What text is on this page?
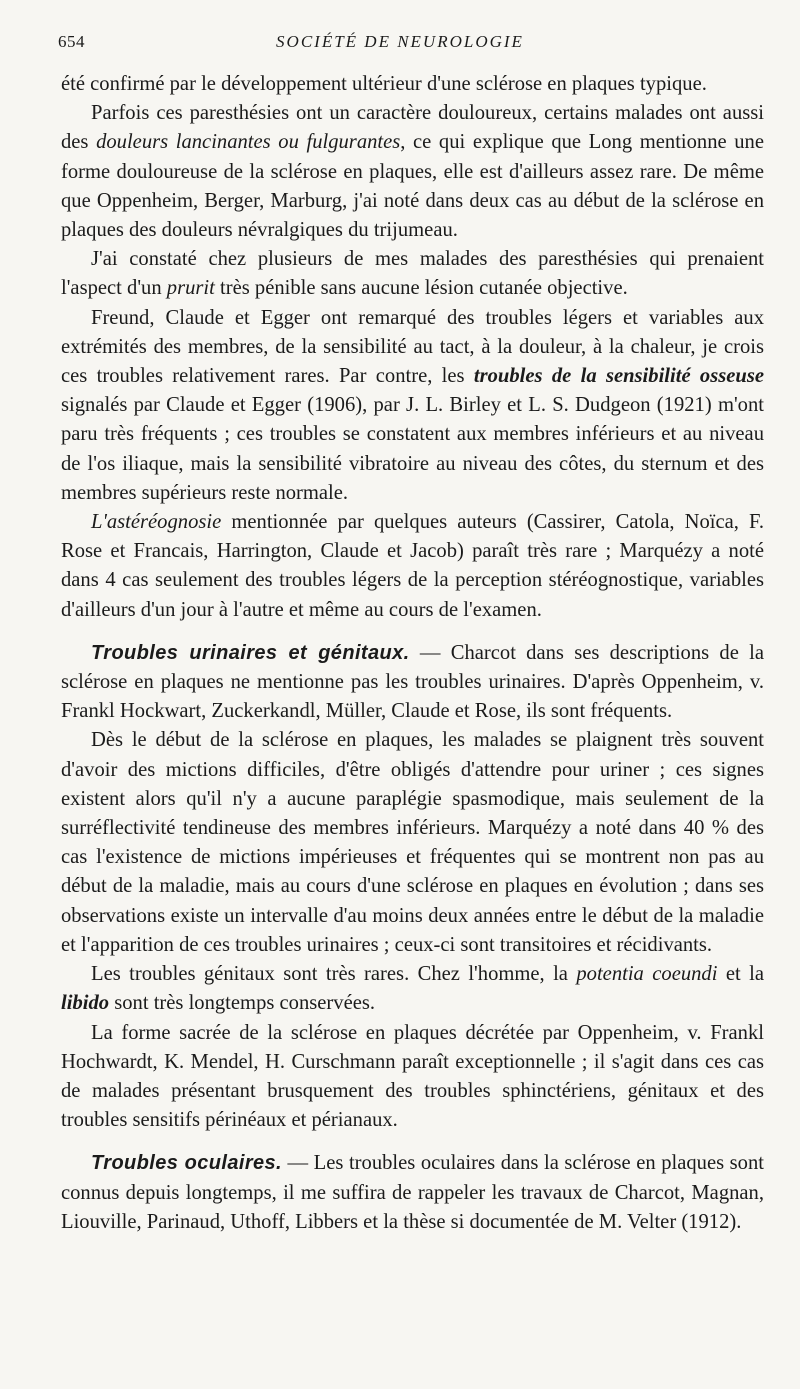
654	SOCIÉTÉ DE NEUROLOGIE

été confirmé par le développement ultérieur d'une sclérose en plaques typique.

Parfois ces paresthésies ont un caractère douloureux, certains malades ont aussi des douleurs lancinantes ou fulgurantes, ce qui explique que Long mentionne une forme douloureuse de la sclérose en plaques, elle est d'ailleurs assez rare. De même que Oppenheim, Berger, Marburg, j'ai noté dans deux cas au début de la sclérose en plaques des douleurs névralgiques du trijumeau.

J'ai constaté chez plusieurs de mes malades des paresthésies qui prenaient l'aspect d'un prurit très pénible sans aucune lésion cutanée objective.

Freund, Claude et Egger ont remarqué des troubles légers et variables aux extrémités des membres, de la sensibilité au tact, à la douleur, à la chaleur, je crois ces troubles relativement rares. Par contre, les troubles de la sensibilité osseuse signalés par Claude et Egger (1906), par J. L. Birley et L. S. Dudgeon (1921) m'ont paru très fréquents ; ces troubles se constatent aux membres inférieurs et au niveau de l'os iliaque, mais la sensibilité vibratoire au niveau des côtes, du sternum et des membres supérieurs reste normale.

L'astéréognosie mentionnée par quelques auteurs (Cassirer, Catola, Noïca, F. Rose et Francais, Harrington, Claude et Jacob) paraît très rare ; Marquézy a noté dans 4 cas seulement des troubles légers de la perception stéréognostique, variables d'ailleurs d'un jour à l'autre et même au cours de l'examen.

Troubles urinaires et génitaux. — Charcot dans ses descriptions de la sclérose en plaques ne mentionne pas les troubles urinaires. D'après Oppenheim, v. Frankl Hockwart, Zuckerkandl, Müller, Claude et Rose, ils sont fréquents.

Dès le début de la sclérose en plaques, les malades se plaignent très souvent d'avoir des mictions difficiles, d'être obligés d'attendre pour uriner ; ces signes existent alors qu'il n'y a aucune paraplégie spasmodique, mais seulement de la surréflectivité tendineuse des membres inférieurs. Marquézy a noté dans 40 % des cas l'existence de mictions impérieuses et fréquentes qui se montrent non pas au début de la maladie, mais au cours d'une sclérose en plaques en évolution ; dans ses observations existe un intervalle d'au moins deux années entre le début de la maladie et l'apparition de ces troubles urinaires ; ceux-ci sont transitoires et récidivants.

Les troubles génitaux sont très rares. Chez l'homme, la potentia coeundi et la libido sont très longtemps conservées.

La forme sacrée de la sclérose en plaques décrétée par Oppenheim, v. Frankl Hochwardt, K. Mendel, H. Curschmann paraît exceptionnelle ; il s'agit dans ces cas de malades présentant brusquement des troubles sphinctériens, génitaux et des troubles sensitifs périnéaux et périanaux.

Troubles oculaires. — Les troubles oculaires dans la sclérose en plaques sont connus depuis longtemps, il me suffira de rappeler les travaux de Charcot, Magnan, Liouville, Parinaud, Uthoff, Libbers et la thèse si documentée de M. Velter (1912).
